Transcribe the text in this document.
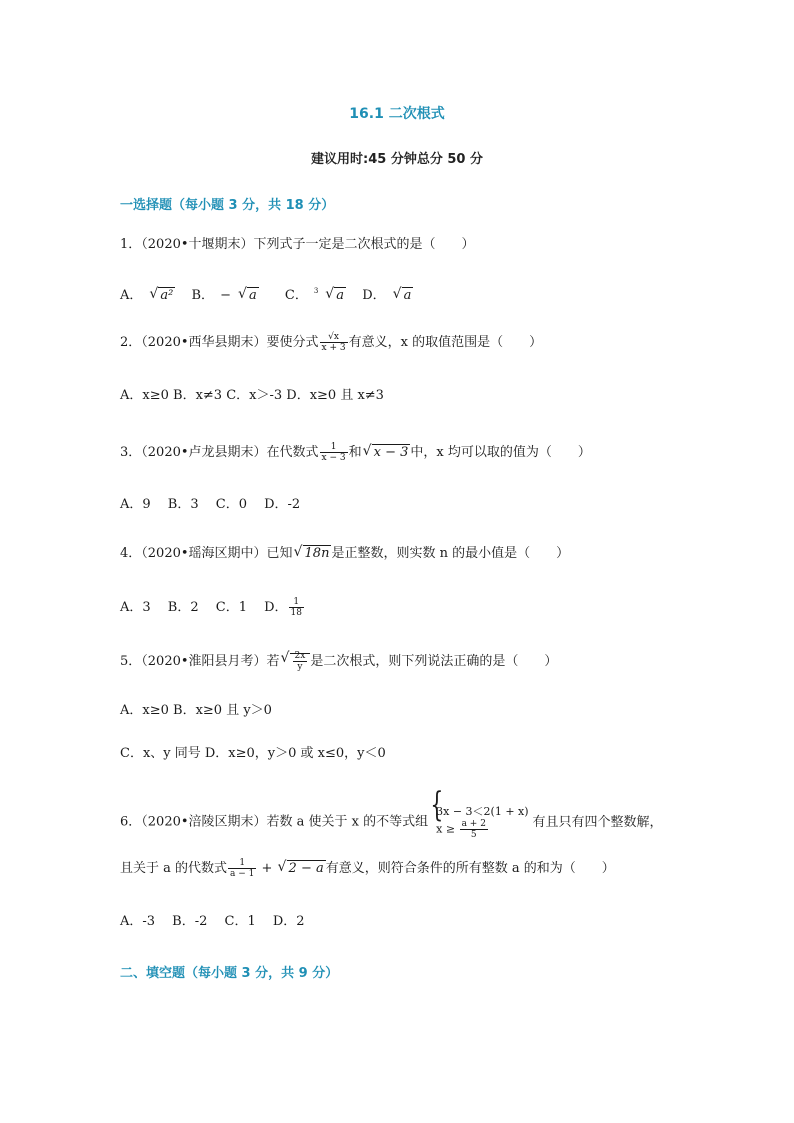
16.1 二次根式
建议用时:45 分钟总分 50 分
一选择题（每小题 3 分，共 18 分）
1．（2020•十堰期末）下列式子一定是二次根式的是（　　）
A． √ a² B． − √ a C． $^3$ √ a D． √ a
2．（2020•西华县期末）要使分式 $\frac{√x}{x + 3}$ 有意义，x 的取值范围是（　　）
A．x≥0 B．x≠3 C．x＞-3 D．x≥0 且 x≠3
3．（2020•卢龙县期末）在代数式 $\frac{1}{x - 3}$ 和 √ x − 3 中，x 均可以取的值为（　　）
A．9　 B．3　 C．0　 D．-2
4．（2020•瑶海区期中）已知 √ 18n 是正整数，则实数 n 的最小值是（　　）
A．3　 B．2　 C．1　 D． $\frac{1}{18}$
5．（2020•淮阳县月考）若 √ $\frac{2x}{y}$ 是二次根式，则下列说法正确的是（　　）
A．x≥0 B．x≥0 且 y＞0
C．x、y 同号 D．x≥0，y＞0 或 x≤0，y＜0
6．（2020•涪陵区期末）若数 a 使关于 x 的不等式组
{ 3x − 3＜2(1 + x)
$x \ge \frac{a + 2}{5}$	有且只有四个整数解，
且关于 a 的代数式 $\frac{1}{a - 1}$ + √ 2 − a 有意义，则符合条件的所有整数 a 的和为（　　）
A．-3　 B．-2　 C．1　 D．2
二、填空题（每小题 3 分，共 9 分）
